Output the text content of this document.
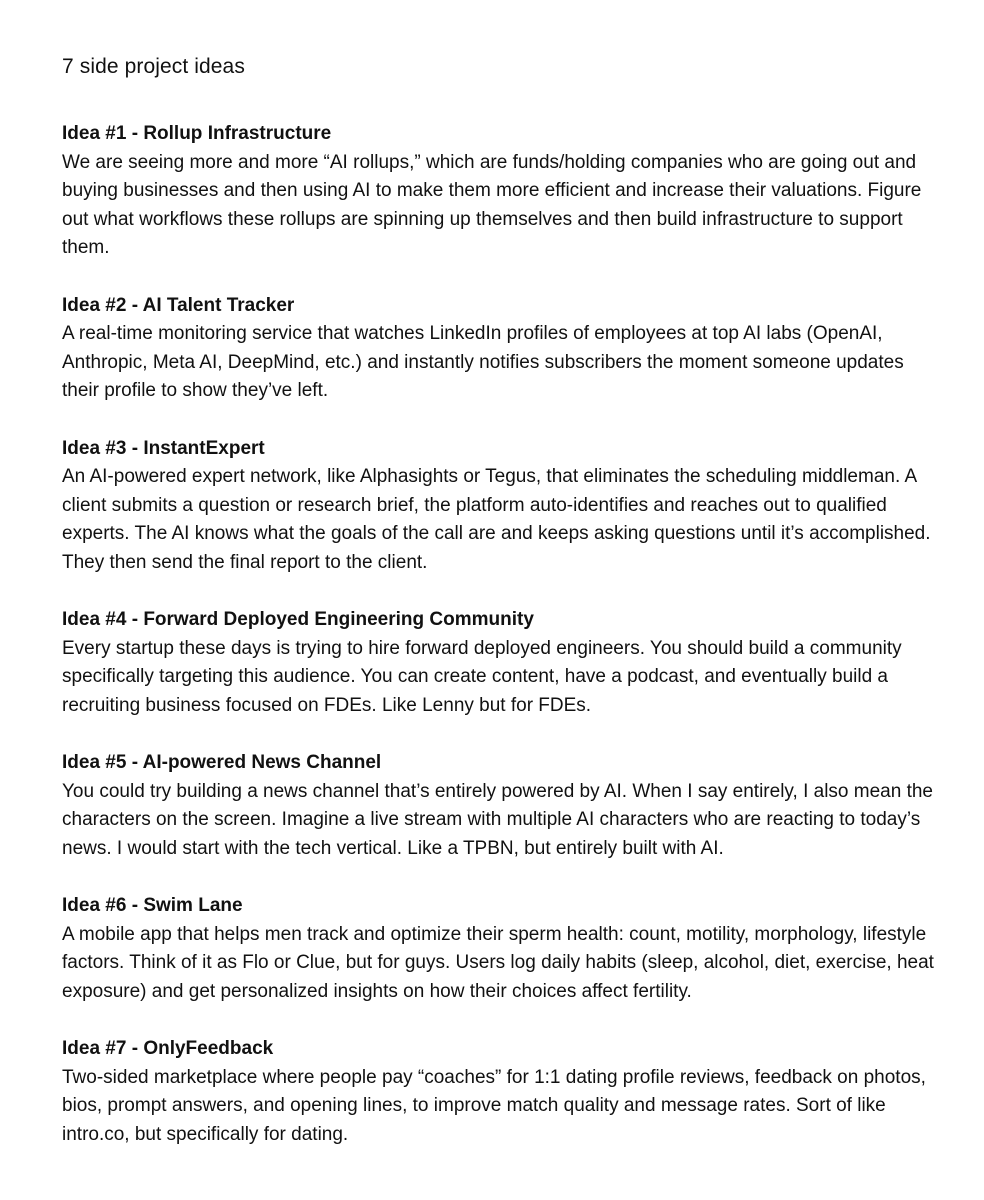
7 side project ideas
Idea #1 - Rollup Infrastructure

We are seeing more and more “AI rollups,” which are funds/holding companies who are going out and buying businesses and then using AI to make them more efficient and increase their valuations. Figure out what workflows these rollups are spinning up themselves and then build infrastructure to support them.

Idea #2 - AI Talent Tracker

A real-time monitoring service that watches LinkedIn profiles of employees at top AI labs (OpenAI, Anthropic, Meta AI, DeepMind, etc.) and instantly notifies subscribers the moment someone updates their profile to show they’ve left.

Idea #3 - InstantExpert

An AI-powered expert network, like Alphasights or Tegus, that eliminates the scheduling middleman. A client submits a question or research brief, the platform auto-identifies and reaches out to qualified experts. The AI knows what the goals of the call are and keeps asking questions until it’s accomplished. They then send the final report to the client.

Idea #4 - Forward Deployed Engineering Community

Every startup these days is trying to hire forward deployed engineers. You should build a community specifically targeting this audience. You can create content, have a podcast, and eventually build a recruiting business focused on FDEs. Like Lenny but for FDEs.

Idea #5 - AI-powered News Channel

You could try building a news channel that’s entirely powered by AI. When I say entirely, I also mean the characters on the screen. Imagine a live stream with multiple AI characters who are reacting to today’s news. I would start with the tech vertical. Like a TPBN, but entirely built with AI.

Idea #6 - Swim Lane

A mobile app that helps men track and optimize their sperm health: count, motility, morphology, lifestyle factors. Think of it as Flo or Clue, but for guys. Users log daily habits (sleep, alcohol, diet, exercise, heat exposure) and get personalized insights on how their choices affect fertility.

Idea #7 - OnlyFeedback

Two-sided marketplace where people pay “coaches” for 1:1 dating profile reviews, feedback on photos, bios, prompt answers, and opening lines, to improve match quality and message rates. Sort of like intro.co, but specifically for dating.
